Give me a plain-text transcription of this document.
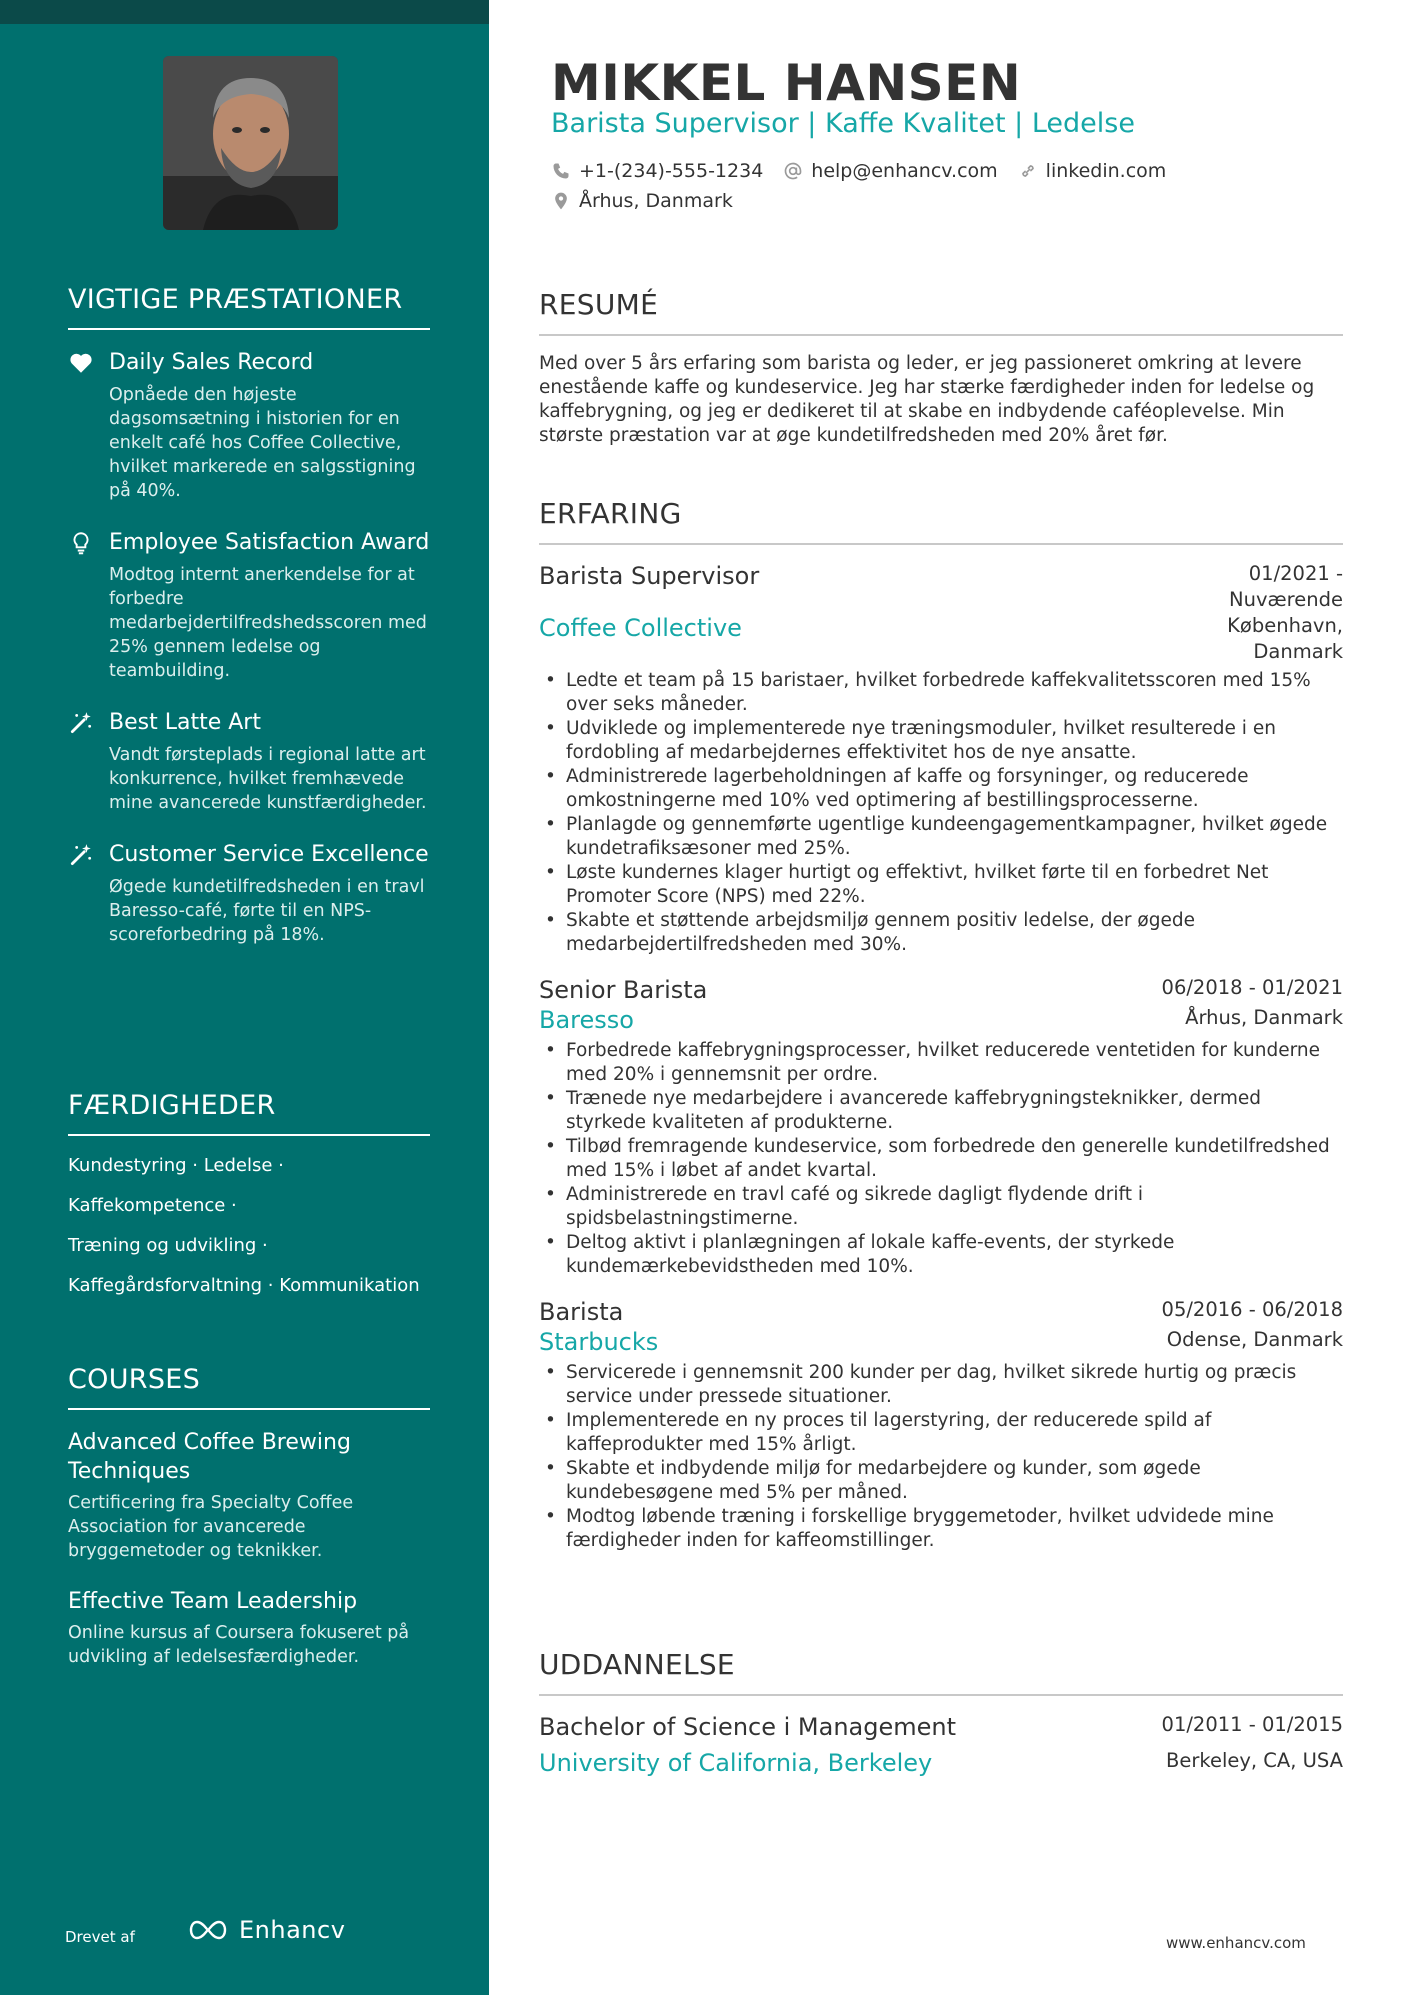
VIGTIGE PRÆSTATIONER
Daily Sales Record
Opnåede den højeste dagsomsætning i historien for en enkelt café hos Coffee Collective, hvilket markerede en salgsstigning på 40%.
Employee Satisfaction Award
Modtog internt anerkendelse for at forbedre medarbejdertilfredshedsscoren med 25% gennem ledelse og teambuilding.
Best Latte Art
Vandt førsteplads i regional latte art konkurrence, hvilket fremhævede mine avancerede kunstfærdigheder.
Customer Service Excellence
Øgede kundetilfredsheden i en travl Baresso-café, førte til en NPS-scoreforbedring på 18%.
FÆRDIGHEDER
Kundestyring · Ledelse ·
Kaffekompetence ·
Træning og udvikling ·
Kaffegårdsforvaltning · Kommunikation
COURSES
Advanced Coffee Brewing Techniques
Certificering fra Specialty Coffee Association for avancerede bryggemetoder og teknikker.
Effective Team Leadership
Online kursus af Coursera fokuseret på udvikling af ledelsesfærdigheder.
Drevet af	Enhancv
MIKKEL HANSEN
Barista Supervisor | Kaffe Kvalitet | Ledelse
+1-(234)-555-1234	help@enhancv.com	linkedin.com
Århus, Danmark
RESUMÉ
Med over 5 års erfaring som barista og leder, er jeg passioneret omkring at levere enestående kaffe og kundeservice. Jeg har stærke færdigheder inden for ledelse og kaffebrygning, og jeg er dedikeret til at skabe en indbydende caféoplevelse. Min største præstation var at øge kundetilfredsheden med 20% året før.
ERFARING
Barista Supervisor	01/2021 -
Nuværende
Coffee Collective	København,
Danmark
• Ledte et team på 15 baristaer, hvilket forbedrede kaffekvalitetsscoren med 15% over seks måneder.
• Udviklede og implementerede nye træningsmoduler, hvilket resulterede i en fordobling af medarbejdernes effektivitet hos de nye ansatte.
• Administrerede lagerbeholdningen af kaffe og forsyninger, og reducerede omkostningerne med 10% ved optimering af bestillingsprocesserne.
• Planlagde og gennemførte ugentlige kundeengagementkampagner, hvilket øgede kundetrafiksæsoner med 25%.
• Løste kundernes klager hurtigt og effektivt, hvilket førte til en forbedret Net Promoter Score (NPS) med 22%.
• Skabte et støttende arbejdsmiljø gennem positiv ledelse, der øgede medarbejdertilfredsheden med 30%.
Senior Barista	06/2018 - 01/2021
Baresso	Århus, Danmark
• Forbedrede kaffebrygningsprocesser, hvilket reducerede ventetiden for kunderne med 20% i gennemsnit per ordre.
• Trænede nye medarbejdere i avancerede kaffebrygningsteknikker, dermed styrkede kvaliteten af produkterne.
• Tilbød fremragende kundeservice, som forbedrede den generelle kundetilfredshed med 15% i løbet af andet kvartal.
• Administrerede en travl café og sikrede dagligt flydende drift i spidsbelastningstimerne.
• Deltog aktivt i planlægningen af lokale kaffe-events, der styrkede kundemærkebevidstheden med 10%.
Barista	05/2016 - 06/2018
Starbucks	Odense, Danmark
• Servicerede i gennemsnit 200 kunder per dag, hvilket sikrede hurtig og præcis service under pressede situationer.
• Implementerede en ny proces til lagerstyring, der reducerede spild af kaffeprodukter med 15% årligt.
• Skabte et indbydende miljø for medarbejdere og kunder, som øgede kundebesøgene med 5% per måned.
• Modtog løbende træning i forskellige bryggemetoder, hvilket udvidede mine færdigheder inden for kaffeomstillinger.
UDDANNELSE
Bachelor of Science i Management	01/2011 - 01/2015
University of California, Berkeley	Berkeley, CA, USA
www.enhancv.com
